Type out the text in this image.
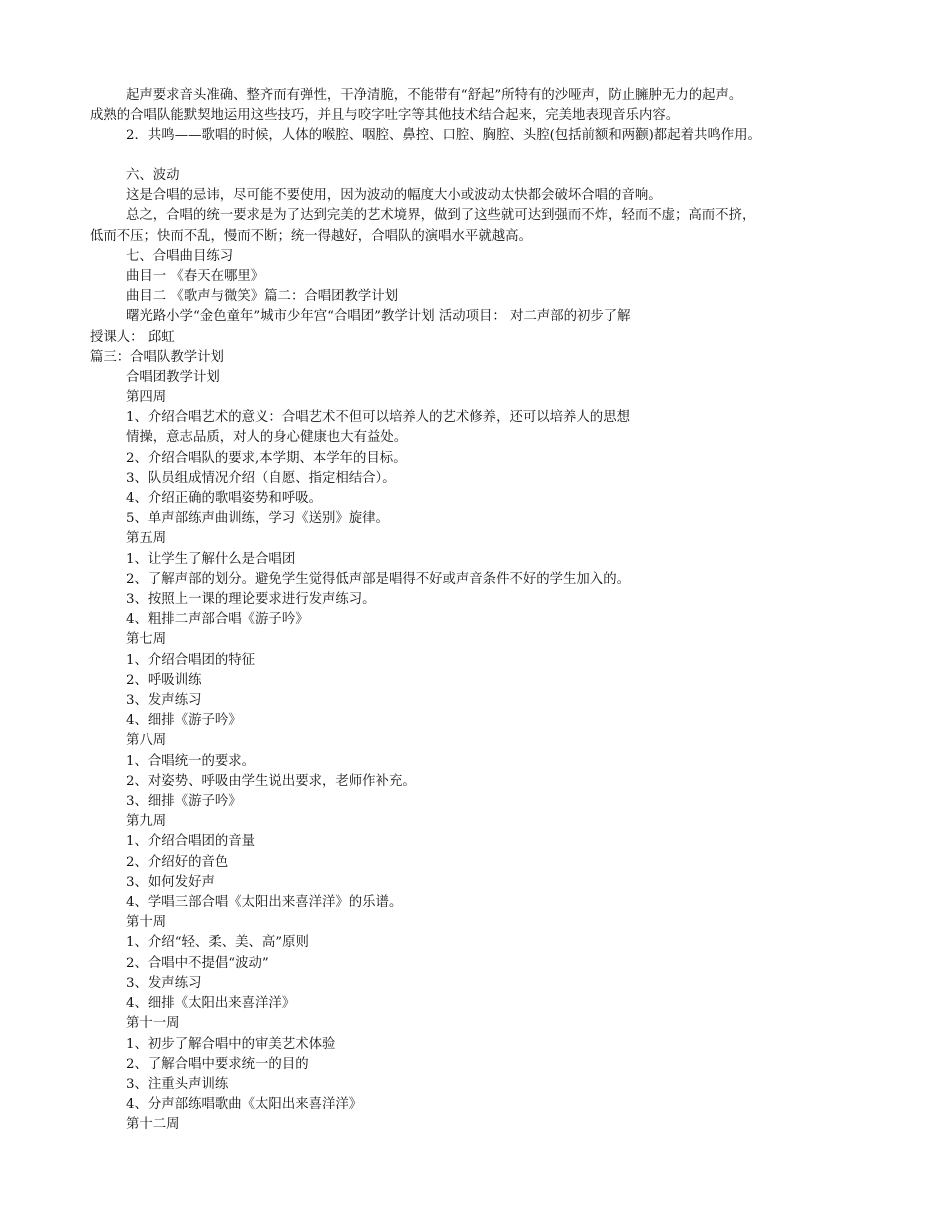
起声要求音头准确、整齐而有弹性，干净清脆，不能带有“舒起”所特有的沙哑声，防止臃肿无力的起声。

成熟的合唱队能默契地运用这些技巧，并且与咬字吐字等其他技术结合起来，完美地表现音乐内容。

2．共鸣——歌唱的时候，人体的喉腔、咽腔、鼻控、口腔、胸腔、头腔(包括前额和两颧)都起着共鸣作用。

六、波动

这是合唱的忌讳，尽可能不要使用，因为波动的幅度大小或波动太快都会破坏合唱的音响。

总之，合唱的统一要求是为了达到完美的艺术境界，做到了这些就可达到强而不炸，轻而不虚；高而不挤，

低而不压；快而不乱，慢而不断；统一得越好，合唱队的演唱水平就越高。

七、合唱曲目练习

曲目一 《春天在哪里》

曲目二 《歌声与微笑》篇二：合唱团教学计划

曙光路小学“金色童年”城市少年宫“合唱团”教学计划 活动项目： 对二声部的初步了解

授课人： 邱虹

篇三：合唱队教学计划

合唱团教学计划

第四周

1、介绍合唱艺术的意义：合唱艺术不但可以培养人的艺术修养，还可以培养人的思想

情操，意志品质，对人的身心健康也大有益处。

2、介绍合唱队的要求,本学期、本学年的目标。

3、队员组成情况介绍（自愿、指定相结合）。

4、介绍正确的歌唱姿势和呼吸。

5、单声部练声曲训练，学习《送别》旋律。

第五周

1、让学生了解什么是合唱团

2、了解声部的划分。避免学生觉得低声部是唱得不好或声音条件不好的学生加入的。

3、按照上一课的理论要求进行发声练习。

4、粗排二声部合唱《游子吟》

第七周

1、介绍合唱团的特征

2、呼吸训练

3、发声练习

4、细排《游子吟》

第八周

1、合唱统一的要求。

2、对姿势、呼吸由学生说出要求，老师作补充。

3、细排《游子吟》

第九周

1、介绍合唱团的音量

2、介绍好的音色

3、如何发好声

4、学唱三部合唱《太阳出来喜洋洋》的乐谱。

第十周

1、介绍“轻、柔、美、高”原则

2、合唱中不提倡“波动”

3、发声练习

4、细排《太阳出来喜洋洋》

第十一周

1、初步了解合唱中的审美艺术体验

2、了解合唱中要求统一的目的

3、注重头声训练

4、分声部练唱歌曲《太阳出来喜洋洋》

第十二周
